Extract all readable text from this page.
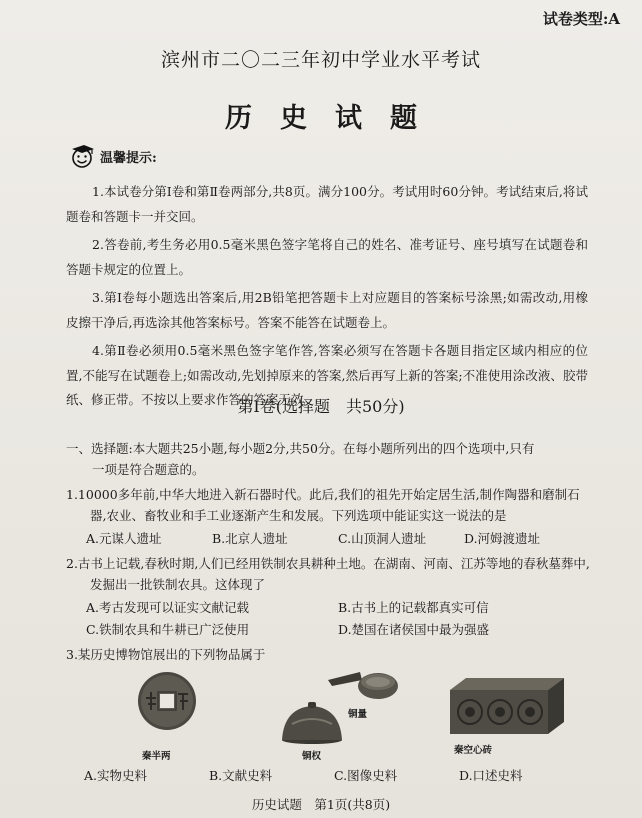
试卷类型:A
滨州市二〇二三年初中学业水平考试
历史试题
温馨提示:

1.本试卷分第Ⅰ卷和第Ⅱ卷两部分,共8页。满分100分。考试用时60分钟。考试结束后,将试题卷和答题卡一并交回。

2.答卷前,考生务必用0.5毫米黑色签字笔将自己的姓名、准考证号、座号填写在试题卷和答题卡规定的位置上。

3.第Ⅰ卷每小题选出答案后,用2B铅笔把答题卡上对应题目的答案标号涂黑;如需改动,用橡皮擦干净后,再选涂其他答案标号。答案不能答在试题卷上。

4.第Ⅱ卷必须用0.5毫米黑色签字笔作答,答案必须写在答题卡各题目指定区域内相应的位置,不能写在试题卷上;如需改动,先划掉原来的答案,然后再写上新的答案;不准使用涂改液、胶带纸、修正带。不按以上要求作答的答案无效。

第Ⅰ卷(选择题　共50分)

一、选择题:本大题共25小题,每小题2分,共50分。在每小题所列出的四个选项中,只有
一项是符合题意的。

1.10000多年前,中华大地进入新石器时代。此后,我们的祖先开始定居生活,制作陶器和磨制石器,农业、畜牧业和手工业逐渐产生和发展。下列选项中能证实这一说法的是
A.元谋人遗址	B.北京人遗址	C.山顶洞人遗址	D.河姆渡遗址
2.古书上记载,春秋时期,人们已经用铁制农具耕种土地。在湖南、河南、江苏等地的春秋墓葬中,发掘出一批铁制农具。这体现了
A.考古发现可以证实文献记载	B.古书上的记载都真实可信
C.铁制农具和牛耕已广泛使用	D.楚国在诸侯国中最为强盛
3.某历史博物馆展出的下列物品属于
秦半两	铜权
铜量
秦空心砖
A.实物史料	B.文献史料	C.图像史料	D.口述史料
历史试题　第1页(共8页)
